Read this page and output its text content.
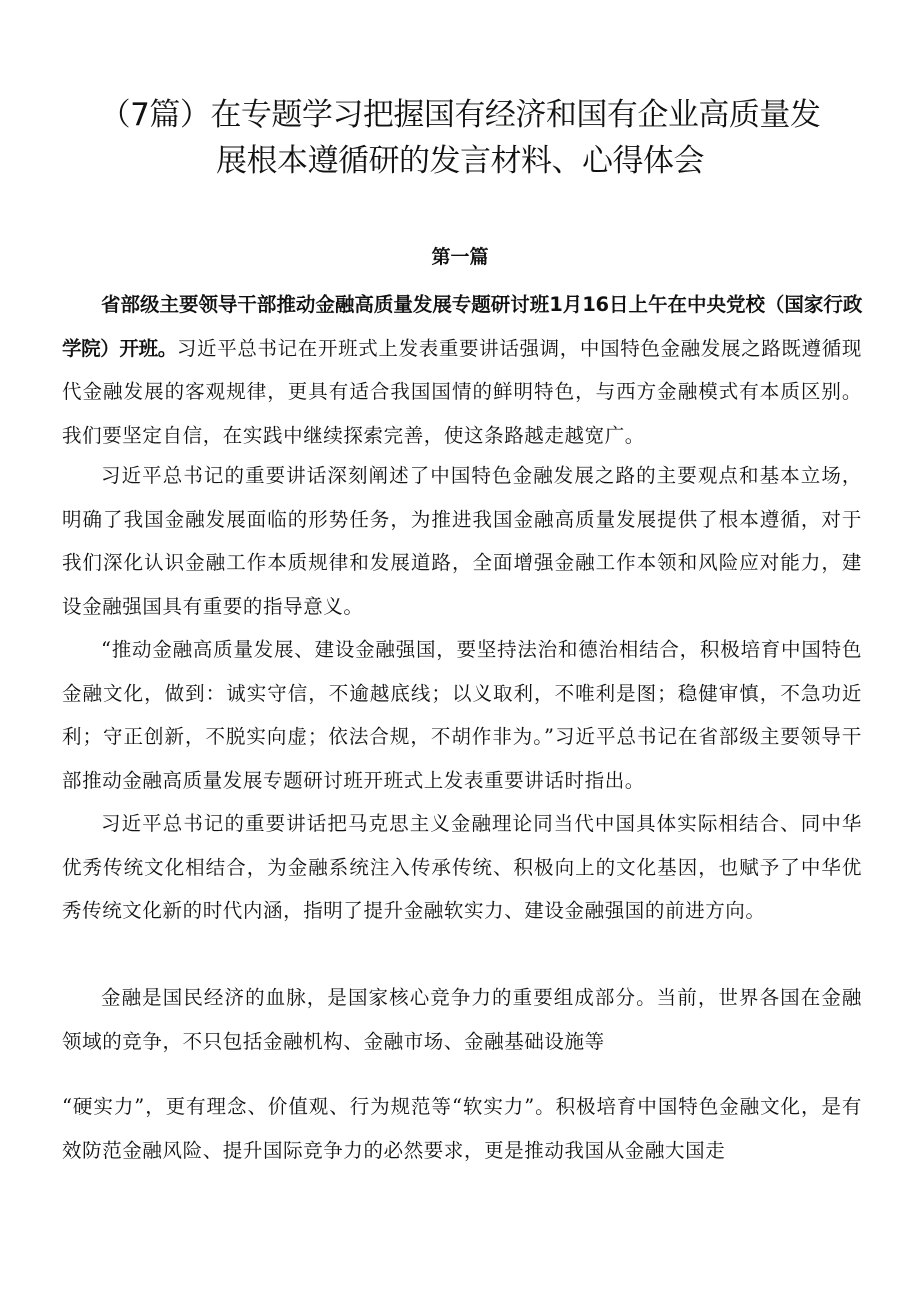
（7篇）在专题学习把握国有经济和国有企业高质量发
展根本遵循研的发言材料、心得体会
第一篇

省部级主要领导干部推动金融高质量发展专题研讨班1月16日上午在中央党校（国家行政学院）开班。习近平总书记在开班式上发表重要讲话强调，中国特色金融发展之路既遵循现代金融发展的客观规律，更具有适合我国国情的鲜明特色，与西方金融模式有本质区别。我们要坚定自信，在实践中继续探索完善，使这条路越走越宽广。

习近平总书记的重要讲话深刻阐述了中国特色金融发展之路的主要观点和基本立场，明确了我国金融发展面临的形势任务，为推进我国金融高质量发展提供了根本遵循，对于我们深化认识金融工作本质规律和发展道路，全面增强金融工作本领和风险应对能力，建设金融强国具有重要的指导意义。

“推动金融高质量发展、建设金融强国，要坚持法治和德治相结合，积极培育中国特色金融文化，做到：诚实守信，不逾越底线；以义取利，不唯利是图；稳健审慎，不急功近利；守正创新，不脱实向虚；依法合规，不胡作非为。”习近平总书记在省部级主要领导干部推动金融高质量发展专题研讨班开班式上发表重要讲话时指出。

习近平总书记的重要讲话把马克思主义金融理论同当代中国具体实际相结合、同中华优秀传统文化相结合，为金融系统注入传承传统、积极向上的文化基因，也赋予了中华优秀传统文化新的时代内涵，指明了提升金融软实力、建设金融强国的前进方向。

金融是国民经济的血脉，是国家核心竞争力的重要组成部分。当前，世界各国在金融领域的竞争，不只包括金融机构、金融市场、金融基础设施等

“硬实力”，更有理念、价值观、行为规范等“软实力”。积极培育中国特色金融文化，是有效防范金融风险、提升国际竞争力的必然要求，更是推动我国从金融大国走
